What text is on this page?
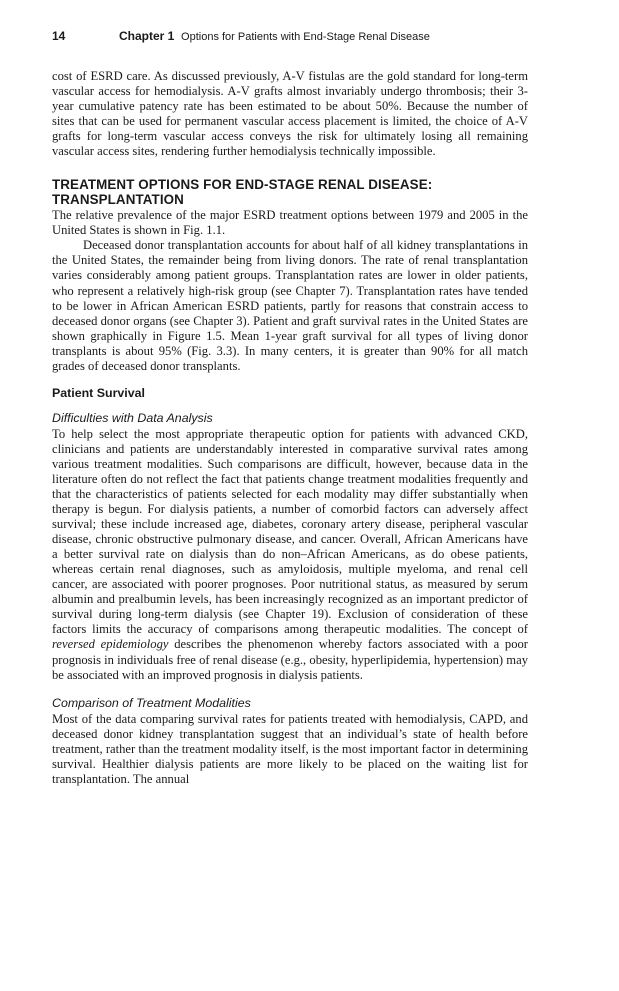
14	Chapter 1 Options for Patients with End-Stage Renal Disease

cost of ESRD care. As discussed previously, A-V fistulas are the gold standard for long-term vascular access for hemodialysis. A-V grafts almost invariably undergo thrombosis; their 3-year cumulative patency rate has been estimated to be about 50%. Because the number of sites that can be used for permanent vascular access placement is limited, the choice of A-V grafts for long-term vascular access conveys the risk for ultimately losing all remaining vascular access sites, rendering further hemodialysis technically impossible.

TREATMENT OPTIONS FOR END-STAGE RENAL DISEASE: TRANSPLANTATION

The relative prevalence of the major ESRD treatment options between 1979 and 2005 in the United States is shown in Fig. 1.1.

Deceased donor transplantation accounts for about half of all kidney transplantations in the United States, the remainder being from living donors. The rate of renal transplantation varies considerably among patient groups. Transplantation rates are lower in older patients, who represent a relatively high-risk group (see Chapter 7). Transplantation rates have tended to be lower in African American ESRD patients, partly for reasons that constrain access to deceased donor organs (see Chapter 3). Patient and graft survival rates in the United States are shown graphically in Figure 1.5. Mean 1-year graft survival for all types of living donor transplants is about 95% (Fig. 3.3). In many centers, it is greater than 90% for all match grades of deceased donor transplants.

Patient Survival
Difficulties with Data Analysis

To help select the most appropriate therapeutic option for patients with advanced CKD, clinicians and patients are understandably interested in comparative survival rates among various treatment modalities. Such comparisons are difficult, however, because data in the literature often do not reflect the fact that patients change treatment modalities frequently and that the characteristics of patients selected for each modality may differ substantially when therapy is begun. For dialysis patients, a number of comorbid factors can adversely affect survival; these include increased age, diabetes, coronary artery disease, peripheral vascular disease, chronic obstructive pulmonary disease, and cancer. Overall, African Americans have a better survival rate on dialysis than do non–African Americans, as do obese patients, whereas certain renal diagnoses, such as amyloidosis, multiple myeloma, and renal cell cancer, are associated with poorer prognoses. Poor nutritional status, as measured by serum albumin and prealbumin levels, has been increasingly recognized as an important predictor of survival during long-term dialysis (see Chapter 19). Exclusion of consideration of these factors limits the accuracy of comparisons among therapeutic modalities. The concept of reversed epidemiology describes the phenomenon whereby factors associated with a poor prognosis in individuals free of renal disease (e.g., obesity, hyperlipidemia, hypertension) may be associated with an improved prognosis in dialysis patients.

Comparison of Treatment Modalities

Most of the data comparing survival rates for patients treated with hemodialysis, CAPD, and deceased donor kidney transplantation suggest that an individual’s state of health before treatment, rather than the treatment modality itself, is the most important factor in determining survival. Healthier dialysis patients are more likely to be placed on the waiting list for transplantation. The annual
